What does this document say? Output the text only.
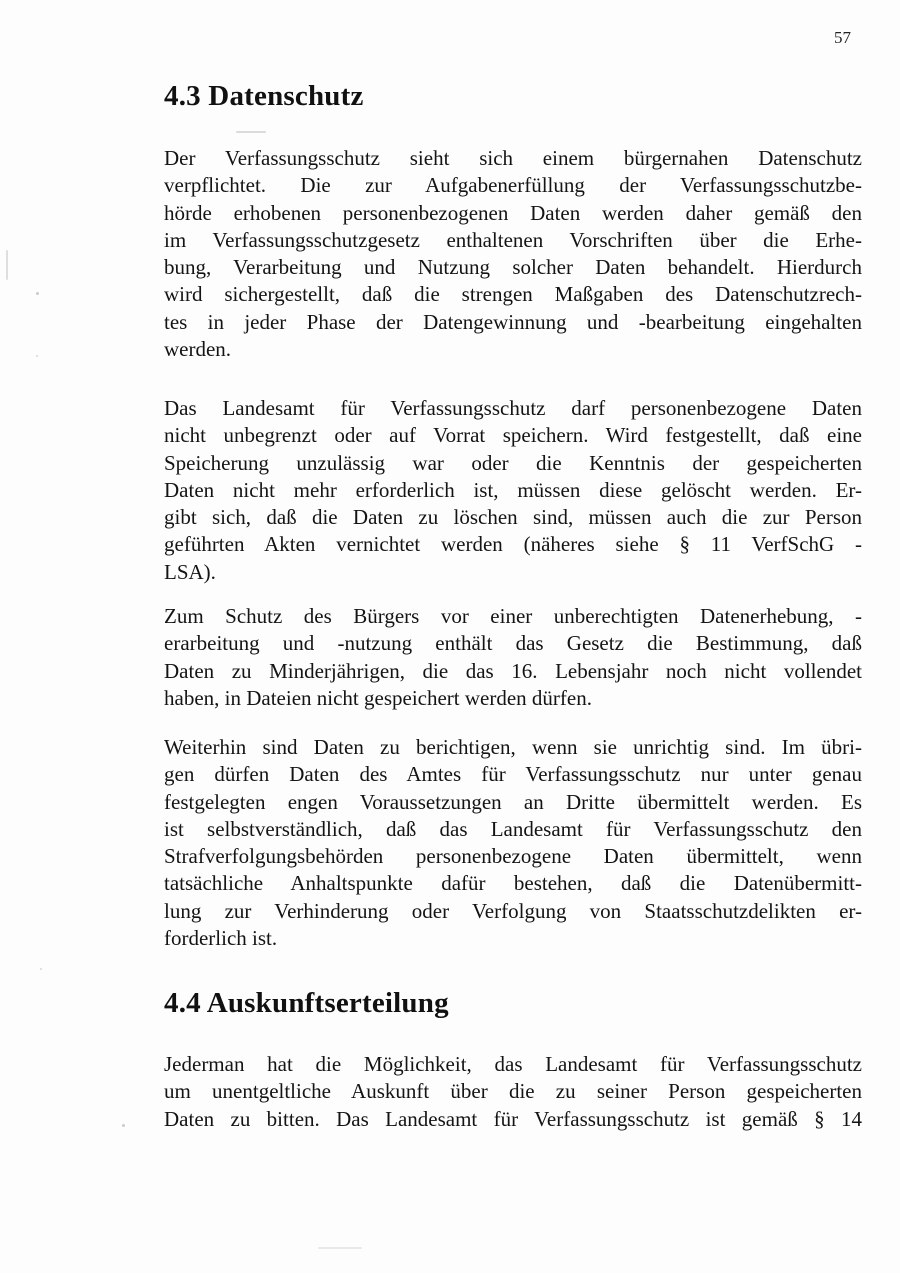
57
4.3 Datenschutz

Der Verfassungsschutz sieht sich einem bürgernahen Datenschutz
verpflichtet. Die zur Aufgabenerfüllung der Verfassungsschutzbe-
hörde erhobenen personenbezogenen Daten werden daher gemäß den
im Verfassungsschutzgesetz enthaltenen Vorschriften über die Erhe-
bung, Verarbeitung und Nutzung solcher Daten behandelt. Hierdurch
wird sichergestellt, daß die strengen Maßgaben des Datenschutzrech-
tes in jeder Phase der Datengewinnung und -bearbeitung eingehalten
werden.

Das Landesamt für Verfassungsschutz darf personenbezogene Daten
nicht unbegrenzt oder auf Vorrat speichern. Wird festgestellt, daß eine
Speicherung unzulässig war oder die Kenntnis der gespeicherten
Daten nicht mehr erforderlich ist, müssen diese gelöscht werden. Er-
gibt sich, daß die Daten zu löschen sind, müssen auch die zur Person
geführten Akten vernichtet werden (näheres siehe § 11 VerfSchG -
LSA).

Zum Schutz des Bürgers vor einer unberechtigten Datenerhebung, -
erarbeitung und -nutzung enthält das Gesetz die Bestimmung, daß
Daten zu Minderjährigen, die das 16. Lebensjahr noch nicht vollendet
haben, in Dateien nicht gespeichert werden dürfen.

Weiterhin sind Daten zu berichtigen, wenn sie unrichtig sind. Im übri-
gen dürfen Daten des Amtes für Verfassungsschutz nur unter genau
festgelegten engen Voraussetzungen an Dritte übermittelt werden. Es
ist selbstverständlich, daß das Landesamt für Verfassungsschutz den
Strafverfolgungsbehörden personenbezogene Daten übermittelt, wenn
tatsächliche Anhaltspunkte dafür bestehen, daß die Datenübermitt-
lung zur Verhinderung oder Verfolgung von Staatsschutzdelikten er-
forderlich ist.

4.4 Auskunftserteilung

Jederman hat die Möglichkeit, das Landesamt für Verfassungsschutz
um unentgeltliche Auskunft über die zu seiner Person gespeicherten
Daten zu bitten. Das Landesamt für Verfassungsschutz ist gemäß § 14
